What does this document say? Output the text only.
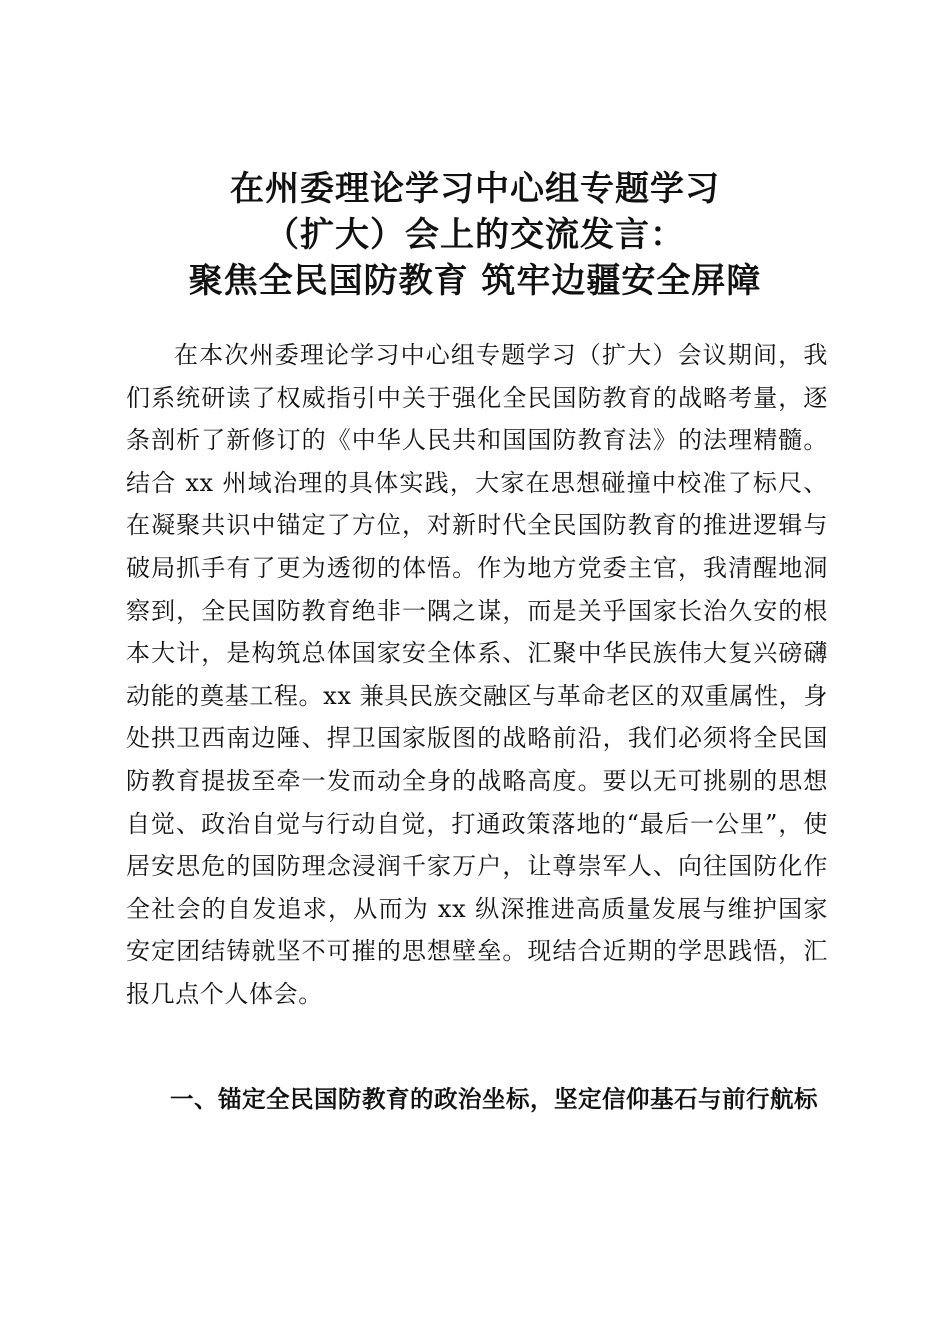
在州委理论学习中心组专题学习
（扩大）会上的交流发言：
聚焦全民国防教育 筑牢边疆安全屏障

在本次州委理论学习中心组专题学习（扩大）会议期间，我们系统研读了权威指引中关于强化全民国防教育的战略考量，逐条剖析了新修订的《中华人民共和国国防教育法》的法理精髓。结合 xx 州域治理的具体实践，大家在思想碰撞中校准了标尺、在凝聚共识中锚定了方位，对新时代全民国防教育的推进逻辑与破局抓手有了更为透彻的体悟。作为地方党委主官，我清醒地洞察到，全民国防教育绝非一隅之谋，而是关乎国家长治久安的根本大计，是构筑总体国家安全体系、汇聚中华民族伟大复兴磅礴动能的奠基工程。xx 兼具民族交融区与革命老区的双重属性，身处拱卫西南边陲、捍卫国家版图的战略前沿，我们必须将全民国防教育提拔至牵一发而动全身的战略高度。要以无可挑剔的思想自觉、政治自觉与行动自觉，打通政策落地的“最后一公里”，使居安思危的国防理念浸润千家万户，让尊崇军人、向往国防化作全社会的自发追求，从而为 xx 纵深推进高质量发展与维护国家安定团结铸就坚不可摧的思想壁垒。现结合近期的学思践悟，汇报几点个人体会。

一、锚定全民国防教育的政治坐标，坚定信仰基石与前行航标
